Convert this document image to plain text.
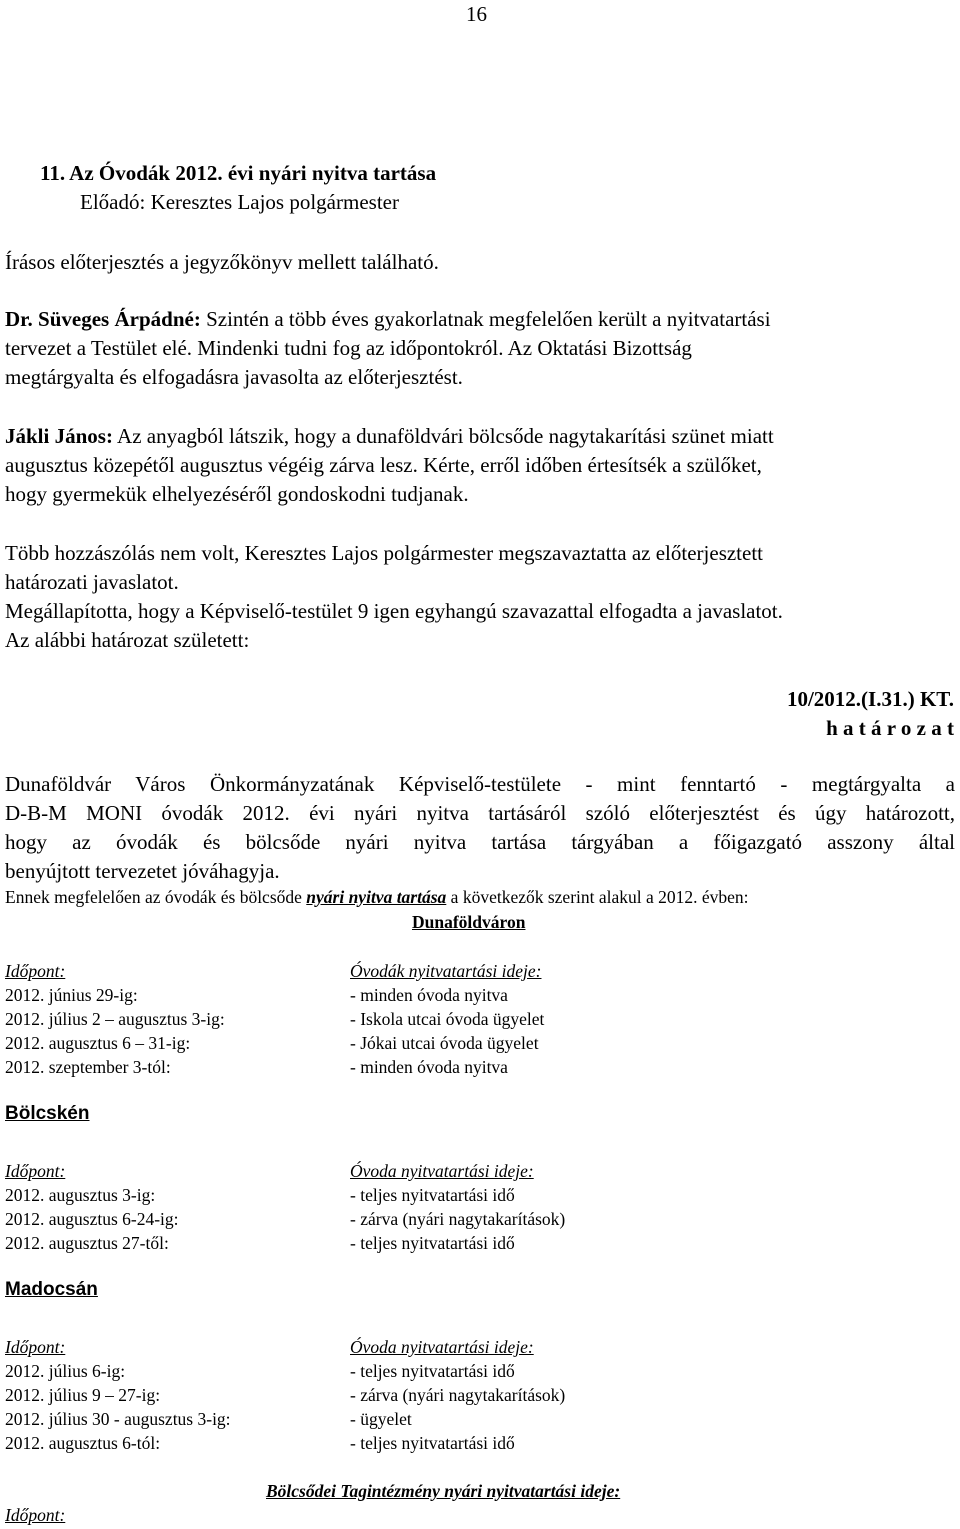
16
11. Az Óvodák 2012. évi nyári nyitva tartása
Előadó: Keresztes Lajos polgármester
Írásos előterjesztés a jegyzőkönyv mellett található.
Dr. Süveges Árpádné: Szintén a több éves gyakorlatnak megfelelően került a nyitvatartási
tervezet a Testület elé. Mindenki tudni fog az időpontokról. Az Oktatási Bizottság
megtárgyalta és elfogadásra javasolta az előterjesztést.
Jákli János: Az anyagból látszik, hogy a dunaföldvári bölcsőde nagytakarítási szünet miatt
augusztus közepétől augusztus végéig zárva lesz. Kérte, erről időben értesítsék a szülőket,
hogy gyermekük elhelyezéséről gondoskodni tudjanak.
Több hozzászólás nem volt, Keresztes Lajos polgármester megszavaztatta az előterjesztett
határozati javaslatot.
Megállapította, hogy a Képviselő-testület 9 igen egyhangú szavazattal elfogadta a javaslatot.
Az alábbi határozat született:
10/2012.(I.31.) KT.
h a t á r o z a t
Dunaföldvár Város Önkormányzatának Képviselő-testülete - mint fenntartó - megtárgyalta a
D-B-M MONI óvodák 2012. évi nyári nyitva tartásáról szóló előterjesztést és úgy határozott,
hogy az óvodák és bölcsőde nyári nyitva tartása tárgyában a főigazgató asszony által
benyújtott tervezetet jóváhagyja.
Ennek megfelelően az óvodák és bölcsőde nyári nyitva tartása a következők szerint alakul a 2012. évben:
Dunaföldváron
Időpont:	Óvodák nyitvatartási ideje:
2012. június 29-ig:	- minden óvoda nyitva
2012. július 2 – augusztus 3-ig:	- Iskola utcai óvoda ügyelet
2012. augusztus 6 – 31-ig:	- Jókai utcai óvoda ügyelet
2012. szeptember 3-tól:	- minden óvoda nyitva
Bölcskén
Időpont:	Óvoda nyitvatartási ideje:
2012. augusztus 3-ig:	- teljes nyitvatartási idő
2012. augusztus 6-24-ig:	- zárva (nyári nagytakarítások)
2012. augusztus 27-től:	- teljes nyitvatartási idő
Madocsán
Időpont:	Óvoda nyitvatartási ideje:
2012. július 6-ig:	- teljes nyitvatartási idő
2012. július 9 – 27-ig:	- zárva (nyári nagytakarítások)
2012. július 30 - augusztus 3-ig:	- ügyelet
2012. augusztus 6-tól:	- teljes nyitvatartási idő
Bölcsődei Tagintézmény nyári nyitvatartási ideje:
Időpont:
